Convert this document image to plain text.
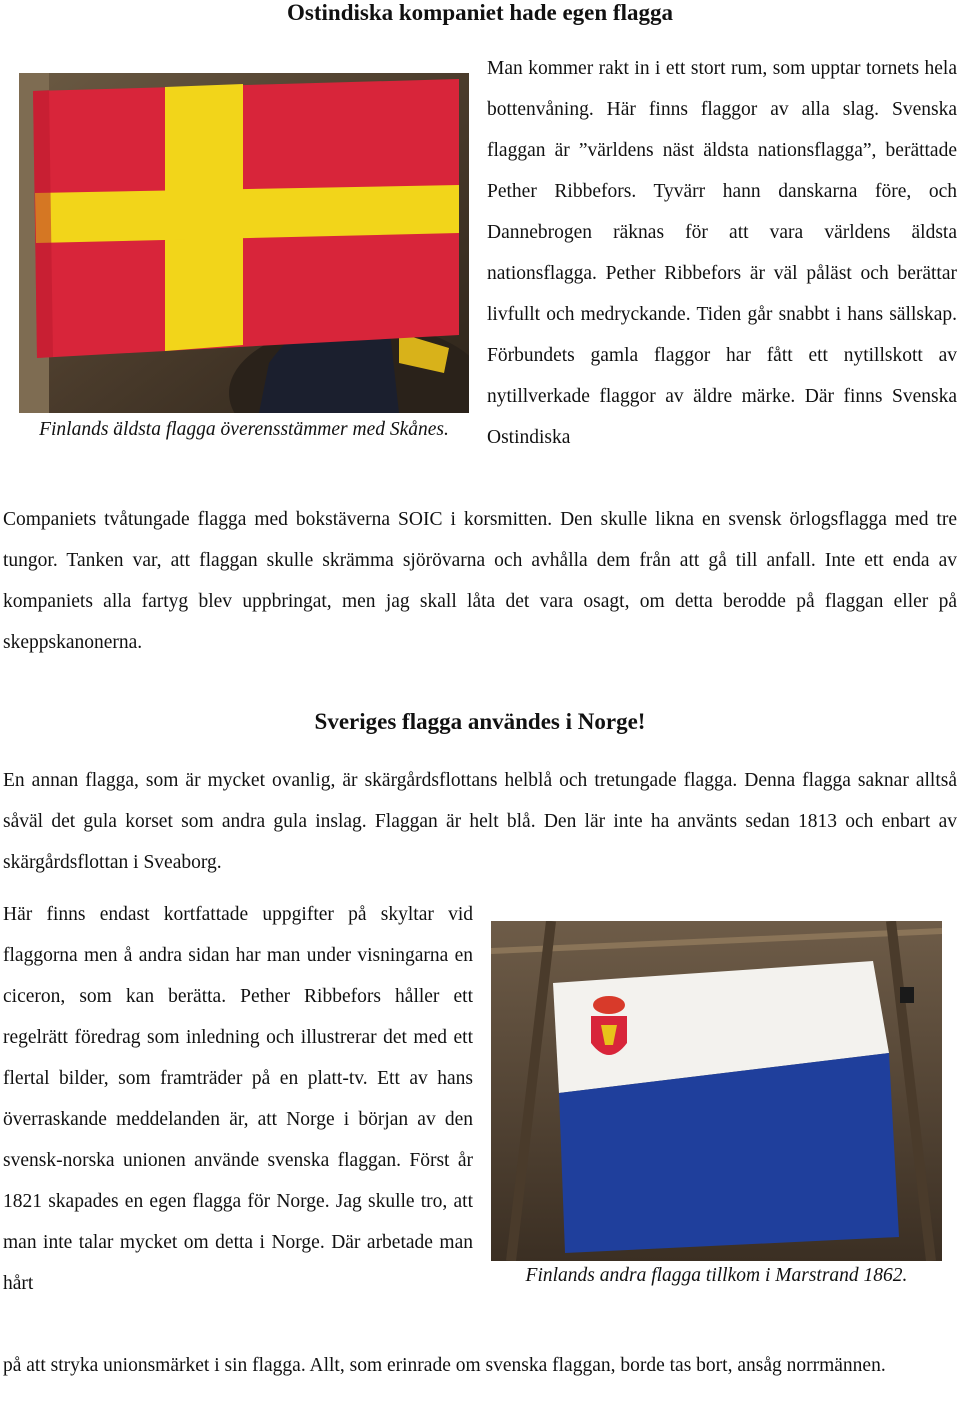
Ostindiska kompaniet hade egen flagga
Finlands äldsta flagga överensstämmer med Skånes.

Man kommer rakt in i ett stort rum, som upptar tornets hela bottenvåning. Här finns flaggor av alla slag. Svenska flaggan är ”världens näst äldsta nationsflagga”, berättade Pether Ribbefors. Tyvärr hann danskarna före, och Dannebrogen räknas för att vara världens äldsta nationsflagga. Pether Ribbefors är väl påläst och berättar livfullt och medryckande. Tiden går snabbt i hans sällskap. Förbundets gamla flaggor har fått ett nytillskott av nytillverkade flaggor av äldre märke. Där finns Svenska Ostindiska

Companiets tvåtungade flagga med bokstäverna SOIC i korsmitten. Den skulle likna en svensk örlogsflagga med tre tungor. Tanken var, att flaggan skulle skrämma sjörövarna och avhålla dem från att gå till anfall. Inte ett enda av kompaniets alla fartyg blev uppbringat, men jag skall låta det vara osagt, om detta berodde på flaggan eller på skeppskanonerna.

Sveriges flagga användes i Norge!

En annan flagga, som är mycket ovanlig, är skärgårdsflottans helblå och tretungade flagga. Denna flagga saknar alltså såväl det gula korset som andra gula inslag. Flaggan är helt blå. Den lär inte ha använts sedan 1813 och enbart av skärgårdsflottan i Sveaborg.

Här finns endast kortfattade uppgifter på skyltar vid flaggorna men å andra sidan har man under visningarna en ciceron, som kan berätta. Pether Ribbefors håller ett regelrätt föredrag som inledning och illustrerar det med ett flertal bilder, som framträder på en platt-tv. Ett av hans överraskande meddelanden är, att Norge i början av den svensk-norska unionen använde svenska flaggan. Först år 1821 skapades en egen flagga för Norge. Jag skulle tro, att man inte talar mycket om detta i Norge. Där arbetade man hårt

på att stryka unionsmärket i sin flagga. Allt, som erinrade om svenska flaggan, borde tas bort, ansåg norrmännen.

Finlands andra flagga tillkom i Marstrand 1862.
